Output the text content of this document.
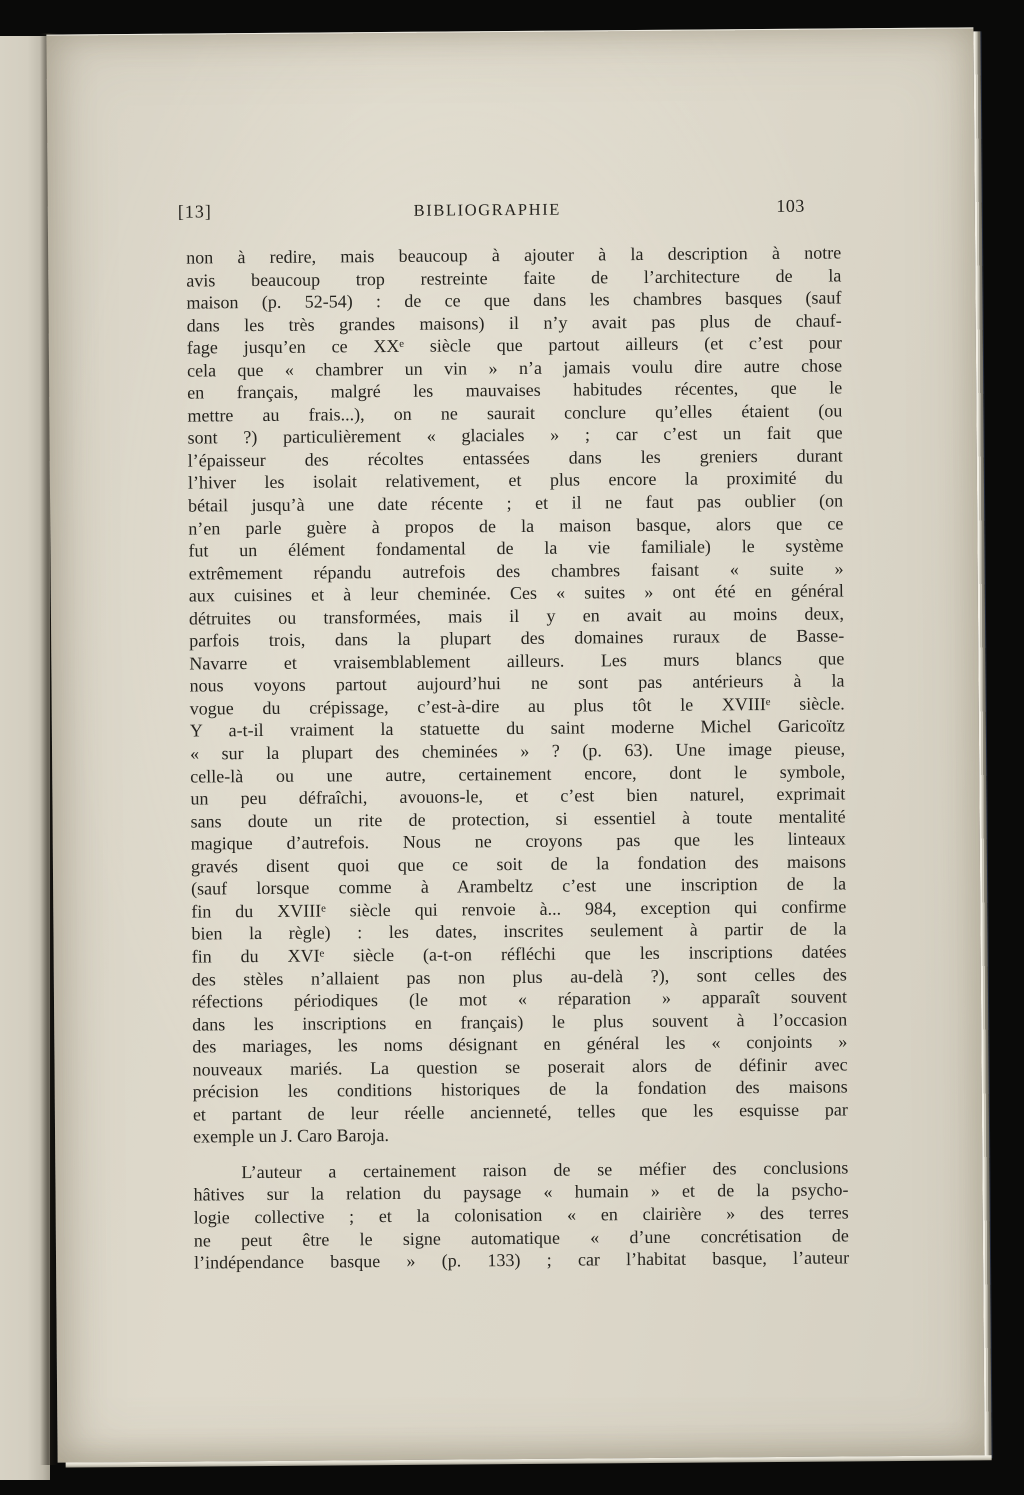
[13]	BIBLIOGRAPHIE	103
non à redire, mais beaucoup à ajouter à la description à notre
avis beaucoup trop restreinte faite de l’architecture de la
maison (p. 52-54) : de ce que dans les chambres basques (sauf
dans les très grandes maisons) il n’y avait pas plus de chauf-
fage jusqu’en ce XXᵉ siècle que partout ailleurs (et c’est pour
cela que « chambrer un vin » n’a jamais voulu dire autre chose
en français, malgré les mauvaises habitudes récentes, que le
mettre au frais...), on ne saurait conclure qu’elles étaient (ou
sont ?) particulièrement « glaciales » ; car c’est un fait que
l’épaisseur des récoltes entassées dans les greniers durant
l’hiver les isolait relativement, et plus encore la proximité du
bétail jusqu’à une date récente ; et il ne faut pas oublier (on
n’en parle guère à propos de la maison basque, alors que ce
fut un élément fondamental de la vie familiale) le système
extrêmement répandu autrefois des chambres faisant « suite »
aux cuisines et à leur cheminée. Ces « suites » ont été en général
détruites ou transformées, mais il y en avait au moins deux,
parfois trois, dans la plupart des domaines ruraux de Basse-
Navarre et vraisemblablement ailleurs. Les murs blancs que
nous voyons partout aujourd’hui ne sont pas antérieurs à la
vogue du crépissage, c’est-à-dire au plus tôt le XVIIIᵉ siècle.
Y a-t-il vraiment la statuette du saint moderne Michel Garicoïtz
« sur la plupart des cheminées » ? (p. 63). Une image pieuse,
celle-là ou une autre, certainement encore, dont le symbole,
un peu défraîchi, avouons-le, et c’est bien naturel, exprimait
sans doute un rite de protection, si essentiel à toute mentalité
magique d’autrefois. Nous ne croyons pas que les linteaux
gravés disent quoi que ce soit de la fondation des maisons
(sauf lorsque comme à Arambeltz c’est une inscription de la
fin du XVIIIᵉ siècle qui renvoie à... 984, exception qui confirme
bien la règle) : les dates, inscrites seulement à partir de la
fin du XVIᵉ siècle (a-t-on réfléchi que les inscriptions datées
des stèles n’allaient pas non plus au-delà ?), sont celles des
réfections périodiques (le mot « réparation » apparaît souvent
dans les inscriptions en français) le plus souvent à l’occasion
des mariages, les noms désignant en général les « conjoints »
nouveaux mariés. La question se poserait alors de définir avec
précision les conditions historiques de la fondation des maisons
et partant de leur réelle ancienneté, telles que les esquisse par
exemple un J. Caro Baroja.
L’auteur a certainement raison de se méfier des conclusions
hâtives sur la relation du paysage « humain » et de la psycho-
logie collective ; et la colonisation « en clairière » des terres
ne peut être le signe automatique « d’une concrétisation de
l’indépendance basque » (p. 133) ; car l’habitat basque, l’auteur
